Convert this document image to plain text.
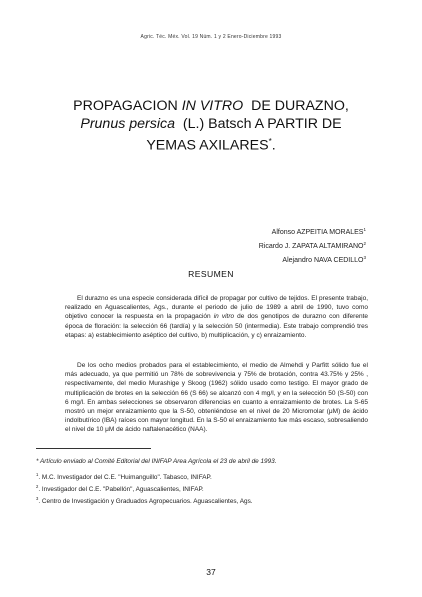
Agric. Téc. Méx. Vol. 19 Núm. 1 y 2 Enero-Diciembre 1993
PROPAGACION IN VITRO  DE DURAZNO,
Prunus persica  (L.) Batsch A PARTIR DE
YEMAS AXILARES*.
Alfonso AZPEITIA MORALES$^1$
Ricardo J. ZAPATA ALTAMIRANO$^2$
Alejandro NAVA CEDILLO$^3$
RESUMEN

El durazno es una especie considerada difícil de propagar por cultivo de tejidos. El presente trabajo, realizado en Aguascalientes, Ags., durante el periodo de julio de 1989 a abril de 1990, tuvo como objetivo conocer la respuesta en la propagación in vitro de dos genotipos de durazno con diferente época de floración: la selección 66 (tardía) y la selección 50 (intermedia). Este trabajo comprendió tres etapas: a) establecimiento aséptico del cultivo, b) multiplicación, y c) enraizamiento.

De los ocho medios probados para el establecimiento, el medio de Almehdi y Parfitt sólido fue el más adecuado, ya que permitió un 78% de sobrevivencia y 75% de brotación, contra 43.75% y 25% , respectivamente, del medio Murashige y Skoog (1962) sólido usado como testigo. El mayor grado de multiplicación de brotes en la selección 66 (S 66) se alcanzó con 4 mg/l, y en la selección 50 (S-50) con 6 mg/l. En ambas selecciones se observaron diferencias en cuanto a enraizamiento de brotes. La S-65 mostró un mejor enraizamiento que la S-50, obteniéndose en el nivel de 20 Micromolar (μM) de ácido indolbutírico (IBA) raíces con mayor longitud. En la S-50 el enraizamiento fue más escaso, sobresaliendo el nivel de 10 μM de ácido naftalenacético (NAA).

* Artículo enviado al Comité Editorial del INIFAP Area Agrícola el 23 de abril de 1993.

$^1$. M.C. Investigador del C.E. "Huimanguillo". Tabasco, INIFAP.

$^2$. Investigador del C.E. "Pabellón", Aguascalientes, INIFAP.

$^3$. Centro de Investigación y Graduados Agropecuarios. Aguascalientes, Ags.

37
